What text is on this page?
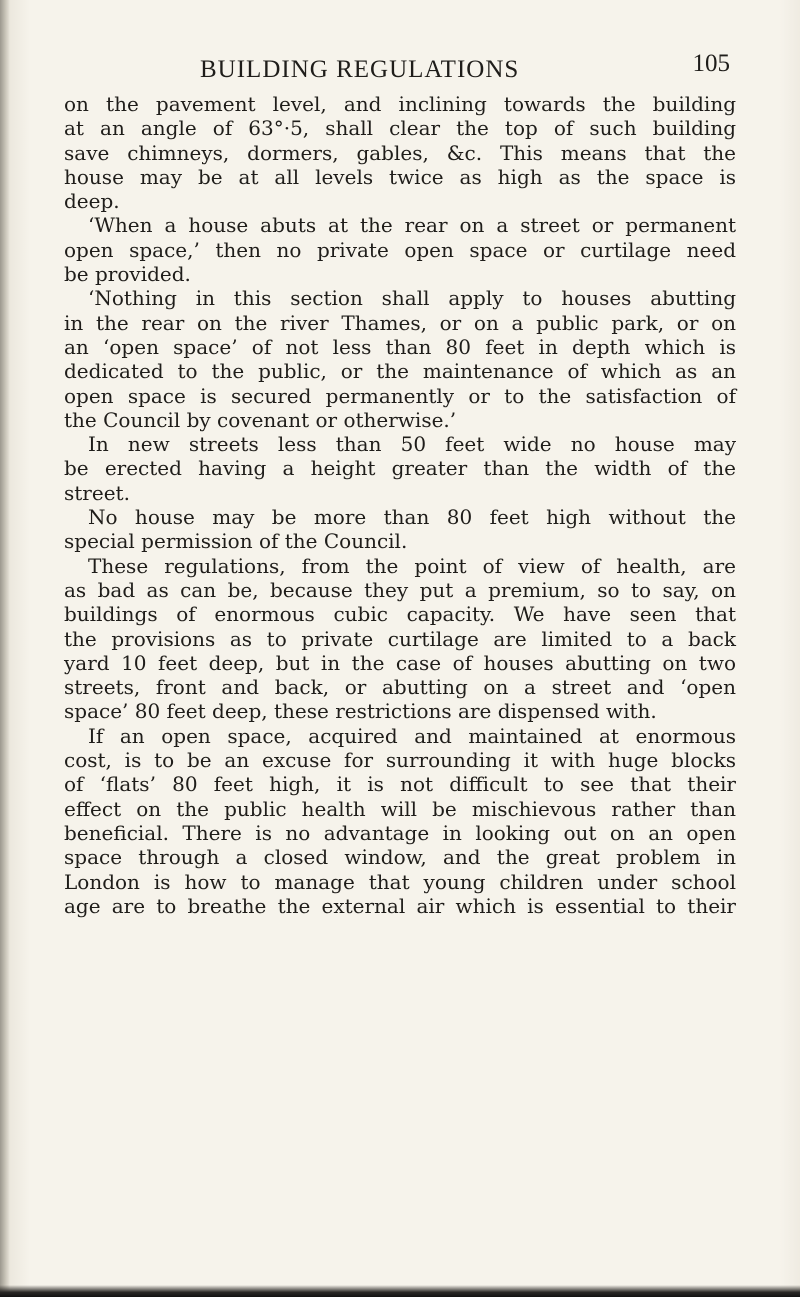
BUILDING REGULATIONS	105
on the pavement level, and inclining towards the building
at an angle of 63°·5, shall clear the top of such building
save chimneys, dormers, gables, &c. This means that the
house may be at all levels twice as high as the space is
deep.
‘When a house abuts at the rear on a street or permanent
open space,’ then no private open space or curtilage need
be provided.
‘Nothing in this section shall apply to houses abutting
in the rear on the river Thames, or on a public park, or on
an ‘open space’ of not less than 80 feet in depth which is
dedicated to the public, or the maintenance of which as an
open space is secured permanently or to the satisfaction of
the Council by covenant or otherwise.’
In new streets less than 50 feet wide no house may
be erected having a height greater than the width of the
street.
No house may be more than 80 feet high without the
special permission of the Council.
These regulations, from the point of view of health, are
as bad as can be, because they put a premium, so to say, on
buildings of enormous cubic capacity. We have seen that
the provisions as to private curtilage are limited to a back
yard 10 feet deep, but in the case of houses abutting on two
streets, front and back, or abutting on a street and ‘open
space’ 80 feet deep, these restrictions are dispensed with.
If an open space, acquired and maintained at enormous
cost, is to be an excuse for surrounding it with huge blocks
of ‘flats’ 80 feet high, it is not difficult to see that their
effect on the public health will be mischievous rather than
beneficial. There is no advantage in looking out on an open
space through a closed window, and the great problem in
London is how to manage that young children under school
age are to breathe the external air which is essential to their
